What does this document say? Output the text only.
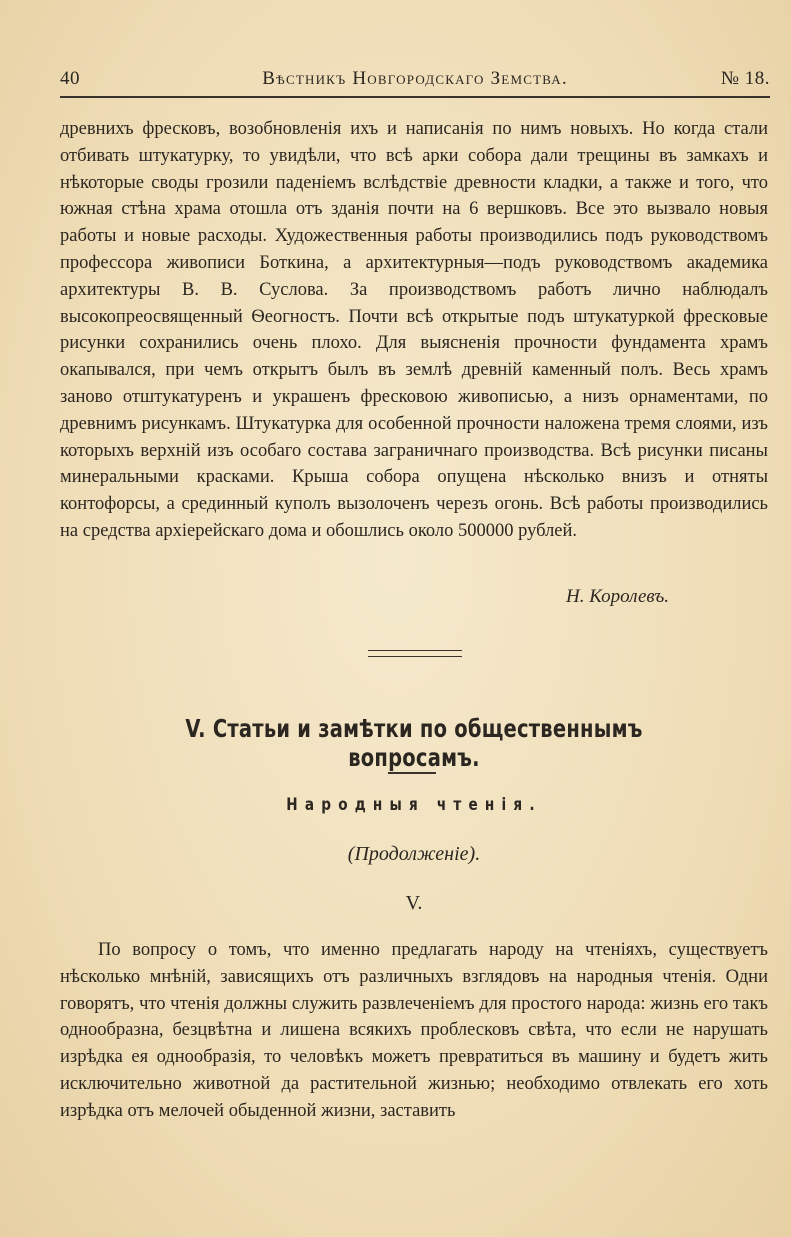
40	Вѣстникъ Новгородскаго Земства.	№ 18.

древнихъ фресковъ, возобновленія ихъ и написанія по нимъ новыхъ. Но когда стали отбивать штукатурку, то увидѣли, что всѣ арки собора дали трещины въ замкахъ и нѣкоторые своды грозили паденіемъ вслѣдствіе древности кладки, а также и того, что южная стѣна храма отошла отъ зданія почти на 6 вершковъ. Все это вызвало новыя работы и новые расходы. Художественныя работы производились подъ руководствомъ профессора живописи Боткина, а архитектурныя—подъ руководствомъ академика архитектуры В. В. Суслова. За производствомъ работъ лично наблюдалъ высокопреосвященный Ѳеогностъ. Почти всѣ открытые подъ штукатуркой фресковые рисунки сохранились очень плохо. Для выясненія прочности фундамента храмъ окапывался, при чемъ открытъ былъ въ землѣ древній каменный полъ. Весь храмъ заново отштукатуренъ и украшенъ фресковою живописью, а низъ орнаментами, по древнимъ рисункамъ. Штукатурка для особенной прочности наложена тремя слоями, изъ которыхъ верхній изъ особаго состава заграничнаго производства. Всѣ рисунки писаны минеральными красками. Крыша собора опущена нѣсколько внизъ и отняты контофорсы, а срединный куполъ вызолоченъ черезъ огонь. Всѣ работы производились на средства архіерейскаго дома и обошлись около 500000 рублей.

Н. Королевъ.
V. Статьи и замѣтки по общественнымъ вопросамъ.
Народныя чтенія.
(Продолженіе).
V.

По вопросу о томъ, что именно предлагать народу на чтеніяхъ, существуетъ нѣсколько мнѣній, зависящихъ отъ различныхъ взглядовъ на народныя чтенія. Одни говорятъ, что чтенія должны служить развлеченіемъ для простого народа: жизнь его такъ однообразна, безцвѣтна и лишена всякихъ проблесковъ свѣта, что если не нарушать изрѣдка ея однообразія, то человѣкъ можетъ превратиться въ машину и будетъ жить исключительно животной да растительной жизнью; необходимо отвлекать его хоть изрѣдка отъ мелочей обыденной жизни, заставить
